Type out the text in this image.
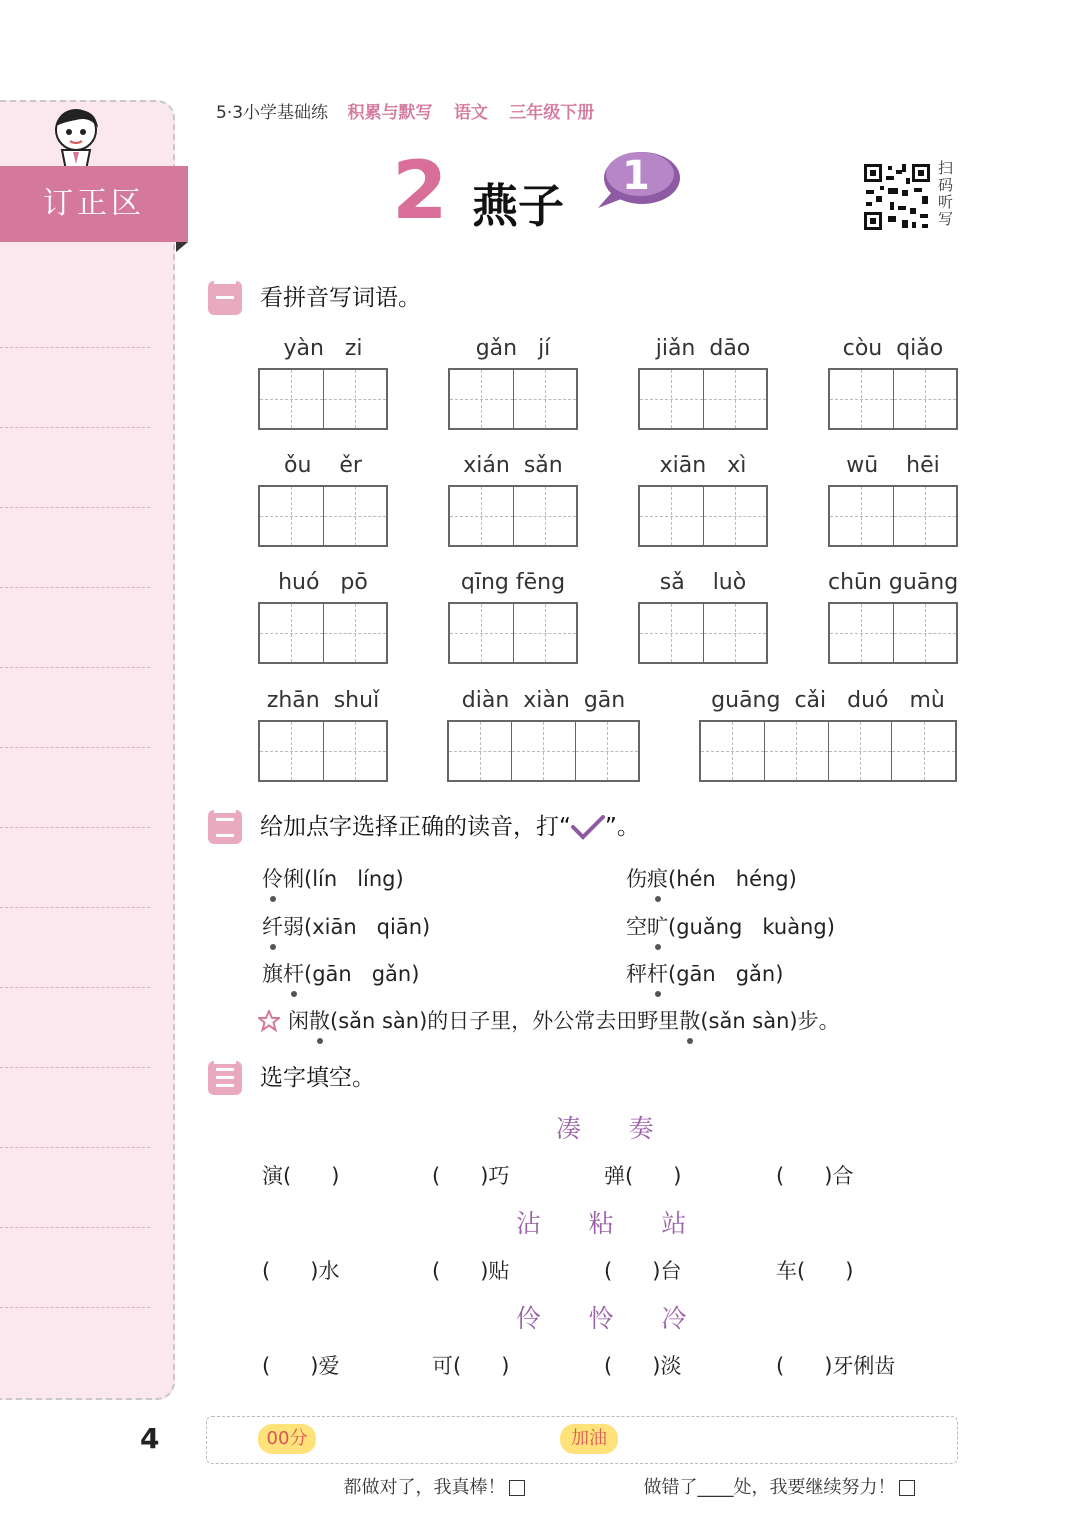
订正区
5·3小学基础练 积累与默写 语文 三年级下册
2 燕子
1	扫码听写
看拼音写词语。
yàn   zi	gǎn   jí	jiǎn  dāo	còu  qiǎo
ǒu    ěr	xián  sǎn	xiān   xì	wū    hēi
huó   pō	qīng fēng	sǎ    luò	chūn guāng
zhān  shuǐ	diàn  xiàn  gān	guāng  cǎi   duó   mù
给加点字选择正确的读音，打“ ”。
伶俐(lín   líng)	伤痕(hén   héng)
纤弱(xiān   qiān)	空旷(guǎng   kuàng)
旗杆(gān   gǎn)	秤杆(gān   gǎn)
闲散(sǎn sàn)的日子里，外公常去田野里散(sǎn sàn)步。
选字填空。
凑      奏
演(      )	(      )巧	弹(      )	(      )合
沾      粘      站
(      )水	(      )贴	(      )台	车(      )
伶      怜      冷
(      )爱	可(      )	(      )淡	(      )牙俐齿
4	00分

都做对了，我真棒！

加油

做错了____处，我要继续努力！
